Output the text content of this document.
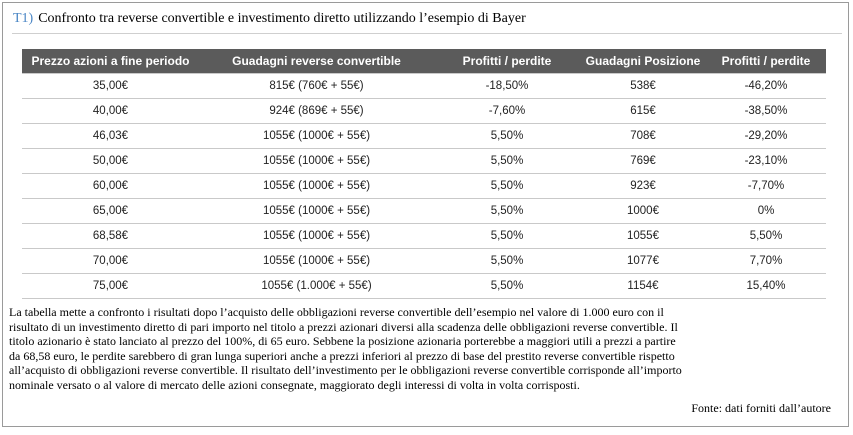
T1) Confronto tra reverse convertible e investimento diretto utilizzando l’esempio di Bayer
Prezzo azioni a fine periodo	Guadagni reverse convertible	Profitti / perdite	Guadagni Posizione	Profitti / perdite
35,00€	815€ (760€ + 55€)	-18,50%	538€	-46,20%
40,00€	924€ (869€ + 55€)	-7,60%	615€	-38,50%
46,03€	1055€ (1000€ + 55€)	5,50%	708€	-29,20%
50,00€	1055€ (1000€ + 55€)	5,50%	769€	-23,10%
60,00€	1055€ (1000€ + 55€)	5,50%	923€	-7,70%
65,00€	1055€ (1000€ + 55€)	5,50%	1000€	0%
68,58€	1055€ (1000€ + 55€)	5,50%	1055€	5,50%
70,00€	1055€ (1000€ + 55€)	5,50%	1077€	7,70%
75,00€	1055€ (1.000€ + 55€)	5,50%	1154€	15,40%
La tabella mette a confronto i risultati dopo l’acquisto delle obbligazioni reverse convertible dell’esempio nel valore di 1.000 euro con il
risultato di un investimento diretto di pari importo nel titolo a prezzi azionari diversi alla scadenza delle obbligazioni reverse convertible. Il
titolo azionario è stato lanciato al prezzo del 100%, di 65 euro. Sebbene la posizione azionaria porterebbe a maggiori utili a prezzi a partire
da 68,58 euro, le perdite sarebbero di gran lunga superiori anche a prezzi inferiori al prezzo di base del prestito reverse convertible rispetto
all’acquisto di obbligazioni reverse convertible. Il risultato dell’investimento per le obbligazioni reverse convertible corrisponde all’importo
nominale versato o al valore di mercato delle azioni consegnate, maggiorato degli interessi di volta in volta corrisposti.
Fonte: dati forniti dall’autore
